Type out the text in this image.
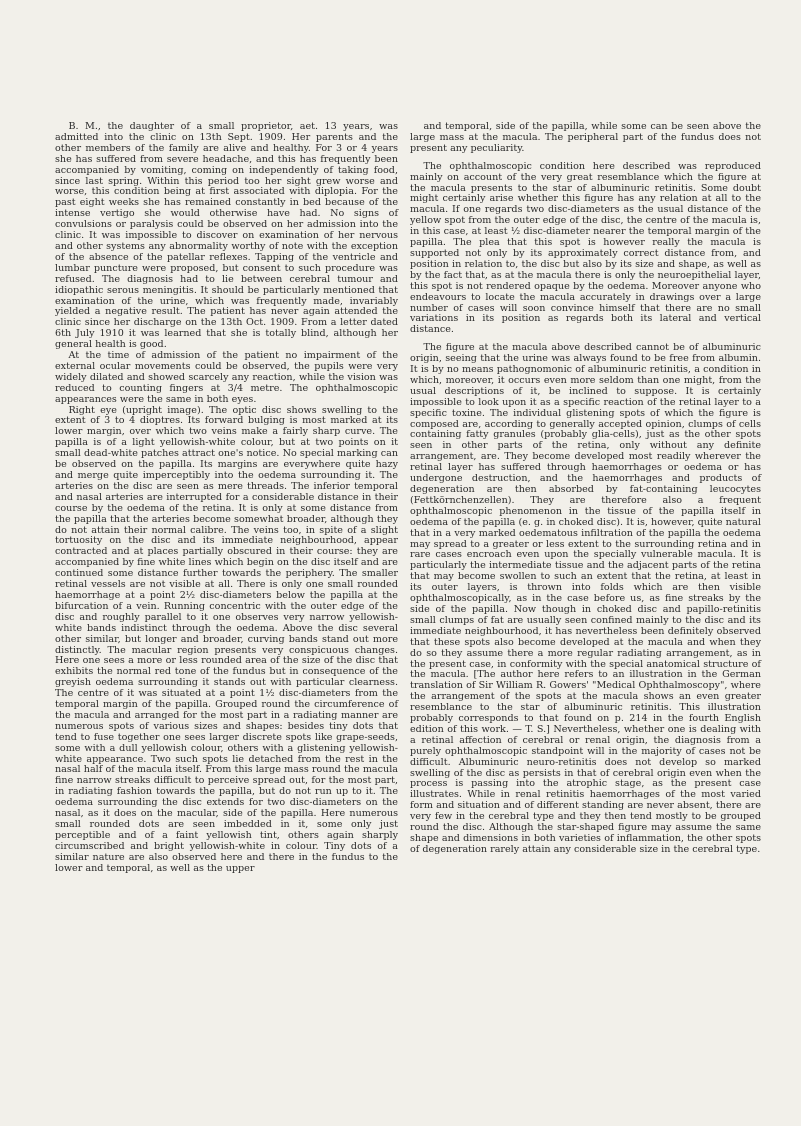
B. M., the daughter of a small proprietor, aet. 13 years, was admitted into the clinic on 13th Sept. 1909. Her parents and the other members of the family are alive and healthy. For 3 or 4 years she has suffered from severe headache, and this has frequently been accompanied by vomiting, coming on independently of taking food, since last spring. Within this period too her sight grew worse and worse, this condition being at first associated with diplopia. For the past eight weeks she has remained constantly in bed because of the intense vertigo she would otherwise have had. No signs of convulsions or paralysis could be observed on her admission into the clinic. It was impossible to discover on examination of her nervous and other systems any abnormality worthy of note with the exception of the absence of the patellar reflexes. Tapping of the ventricle and lumbar puncture were proposed, but consent to such procedure was refused. The diagnosis had to lie between cerebral tumour and idiopathic serous meningitis. It should be particularly mentioned that examination of the urine, which was frequently made, invariably yielded a negative result. The patient has never again attended the clinic since her discharge on the 13th Oct. 1909. From a letter dated 6th July 1910 it was learned that she is totally blind, although her general health is good.

At the time of admission of the patient no impairment of the external ocular movements could be observed, the pupils were very widely dilated and showed scarcely any reaction, while the vision was reduced to counting fingers at 3/4 metre. The ophthalmoscopic appearances were the same in both eyes.

Right eye (upright image). The optic disc shows swelling to the extent of 3 to 4 dioptres. Its forward bulging is most marked at its lower margin, over which two veins make a fairly sharp curve. The papilla is of a light yellowish-white colour, but at two points on it small dead-white patches attract one's notice. No special marking can be observed on the papilla. Its margins are everywhere quite hazy and merge quite imperceptibly into the oedema surrounding it. The arteries on the disc are seen as mere threads. The inferior temporal and nasal arteries are interrupted for a considerable distance in their course by the oedema of the retina. It is only at some distance from the papilla that the arteries become somewhat broader, although they do not attain their normal calibre. The veins too, in spite of a slight tortuosity on the disc and its immediate neighbourhood, appear contracted and at places partially obscured in their course: they are accompanied by fine white lines which begin on the disc itself and are continued some distance further towards the periphery. The smaller retinal vessels are not visible at all. There is only one small rounded haemorrhage at a point 2½ disc-diameters below the papilla at the bifurcation of a vein. Running concentric with the outer edge of the disc and roughly parallel to it one observes very narrow yellowish-white bands indistinct through the oedema. Above the disc several other similar, but longer and broader, curving bands stand out more distinctly. The macular region presents very conspicuous changes. Here one sees a more or less rounded area of the size of the disc that exhibits the normal red tone of the fundus but in consequence of the greyish oedema surrounding it stands out with particular clearness. The centre of it was situated at a point 1½ disc-diameters from the temporal margin of the papilla. Grouped round the circumference of the macula and arranged for the most part in a radiating manner are numerous spots of various sizes and shapes: besides tiny dots that tend to fuse together one sees larger discrete spots like grape-seeds, some with a dull yellowish colour, others with a glistening yellowish-white appearance. Two such spots lie detached from the rest in the nasal half of the macula itself. From this large mass round the macula fine narrow streaks difficult to perceive spread out, for the most part, in radiating fashion towards the papilla, but do not run up to it. The oedema surrounding the disc extends for two disc-diameters on the nasal, as it does on the macular, side of the papilla. Here numerous small rounded dots are seen imbedded in it, some only just perceptible and of a faint yellowish tint, others again sharply circumscribed and bright yellowish-white in colour. Tiny dots of a similar nature are also observed here and there in the fundus to the lower and temporal, as well as the upper

and temporal, side of the papilla, while some can be seen above the large mass at the macula. The peripheral part of the fundus does not present any peculiarity.

The ophthalmoscopic condition here described was reproduced mainly on account of the very great resemblance which the figure at the macula presents to the star of albuminuric retinitis. Some doubt might certainly arise whether this figure has any relation at all to the macula. If one regards two disc-diameters as the usual distance of the yellow spot from the outer edge of the disc, the centre of the macula is, in this case, at least ½ disc-diameter nearer the temporal margin of the papilla. The plea that this spot is however really the macula is supported not only by its approximately correct distance from, and position in relation to, the disc but also by its size and shape, as well as by the fact that, as at the macula there is only the neuroepithelial layer, this spot is not rendered opaque by the oedema. Moreover anyone who endeavours to locate the macula accurately in drawings over a large number of cases will soon convince himself that there are no small variations in its position as regards both its lateral and vertical distance.

The figure at the macula above described cannot be of albuminuric origin, seeing that the urine was always found to be free from albumin. It is by no means pathognomonic of albuminuric retinitis, a condition in which, moreover, it occurs even more seldom than one might, from the usual descriptions of it, be inclined to suppose. It is certainly impossible to look upon it as a specific reaction of the retinal layer to a specific toxine. The individual glistening spots of which the figure is composed are, according to generally accepted opinion, clumps of cells containing fatty granules (probably glia-cells), just as the other spots seen in other parts of the retina, only without any definite arrangement, are. They become developed most readily wherever the retinal layer has suffered through haemorrhages or oedema or has undergone destruction, and the haemorrhages and products of degeneration are then absorbed by fat-containing leucocytes (Fettkörnchenzellen). They are therefore also a frequent ophthalmoscopic phenomenon in the tissue of the papilla itself in oedema of the papilla (e. g. in choked disc). It is, however, quite natural that in a very marked oedematous infiltration of the papilla the oedema may spread to a greater or less extent to the surrounding retina and in rare cases encroach even upon the specially vulnerable macula. It is particularly the intermediate tissue and the adjacent parts of the retina that may become swollen to such an extent that the retina, at least in its outer layers, is thrown into folds which are then visible ophthalmoscopically, as in the case before us, as fine streaks by the side of the papilla. Now though in choked disc and papillo-retinitis small clumps of fat are usually seen confined mainly to the disc and its immediate neighbourhood, it has nevertheless been definitely observed that these spots also become developed at the macula and when they do so they assume there a more regular radiating arrangement, as in the present case, in conformity with the special anatomical structure of the macula. [The author here refers to an illustration in the German translation of Sir William R. Gowers' "Medical Ophthalmoscopy", where the arrangement of the spots at the macula shows an even greater resemblance to the star of albuminuric retinitis. This illustration probably corresponds to that found on p. 214 in the fourth English edition of this work. — T. S.] Nevertheless, whether one is dealing with a retinal affection of cerebral or renal origin, the diagnosis from a purely ophthalmoscopic standpoint will in the majority of cases not be difficult. Albuminuric neuro-retinitis does not develop so marked swelling of the disc as persists in that of cerebral origin even when the process is passing into the atrophic stage, as the present case illustrates. While in renal retinitis haemorrhages of the most varied form and situation and of different standing are never absent, there are very few in the cerebral type and they then tend mostly to be grouped round the disc. Although the star-shaped figure may assume the same shape and dimensions in both varieties of inflammation, the other spots of degeneration rarely attain any considerable size in the cerebral type.
